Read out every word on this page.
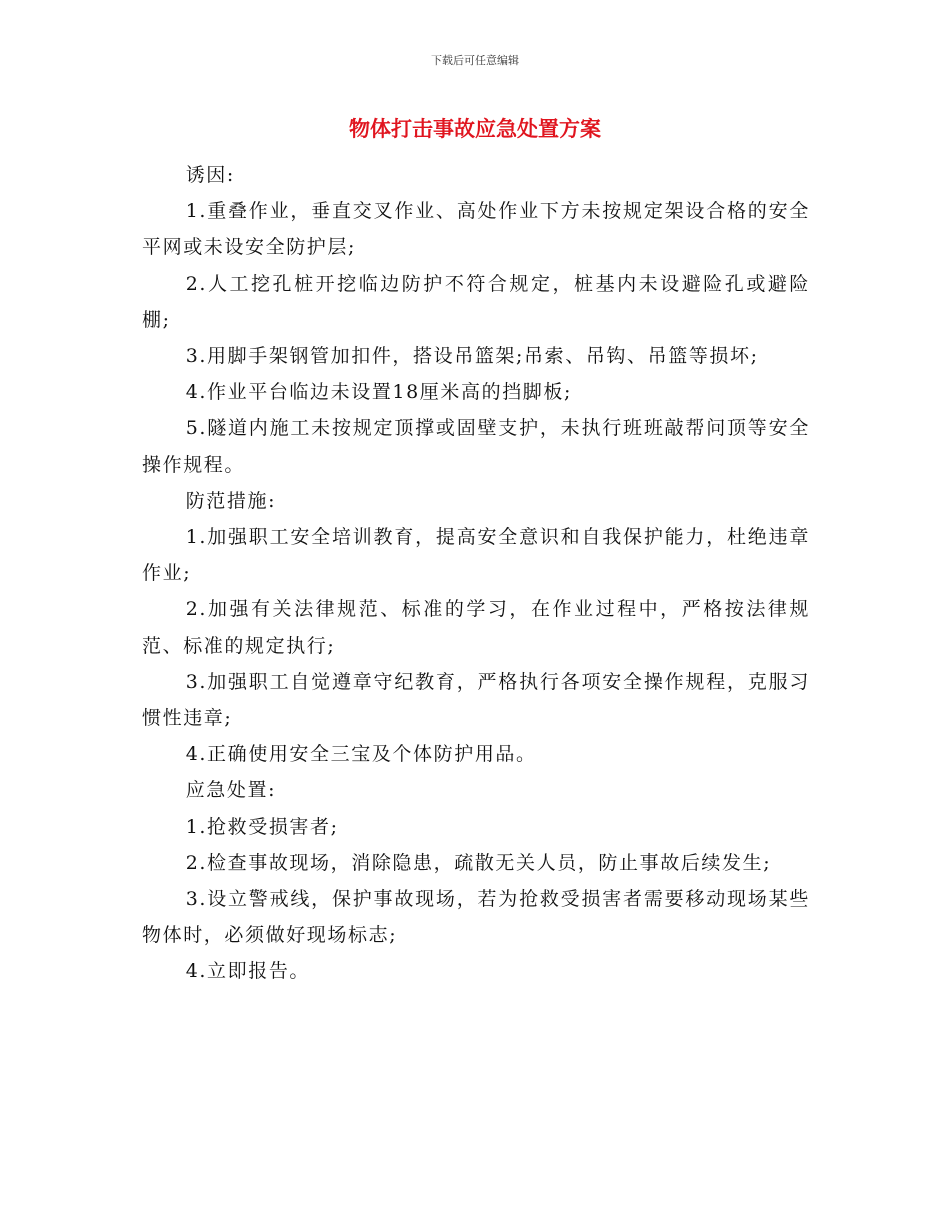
下载后可任意编辑
物体打击事故应急处置方案

诱因:

1.重叠作业，垂直交叉作业、高处作业下方未按规定架设合格的安全平网或未设安全防护层;

2.人工挖孔桩开挖临边防护不符合规定，桩基内未设避险孔或避险棚;

3.用脚手架钢管加扣件，搭设吊篮架;吊索、吊钩、吊篮等损坏;

4.作业平台临边未设置18厘米高的挡脚板;

5.隧道内施工未按规定顶撑或固壁支护，未执行班班敲帮问顶等安全操作规程。

防范措施:

1.加强职工安全培训教育，提高安全意识和自我保护能力，杜绝违章作业;

2.加强有关法律规范、标准的学习，在作业过程中，严格按法律规范、标准的规定执行;

3.加强职工自觉遵章守纪教育，严格执行各项安全操作规程，克服习惯性违章;

4.正确使用安全三宝及个体防护用品。

应急处置:

1.抢救受损害者;

2.检查事故现场，消除隐患，疏散无关人员，防止事故后续发生;

3.设立警戒线，保护事故现场，若为抢救受损害者需要移动现场某些物体时，必须做好现场标志;

4.立即报告。
